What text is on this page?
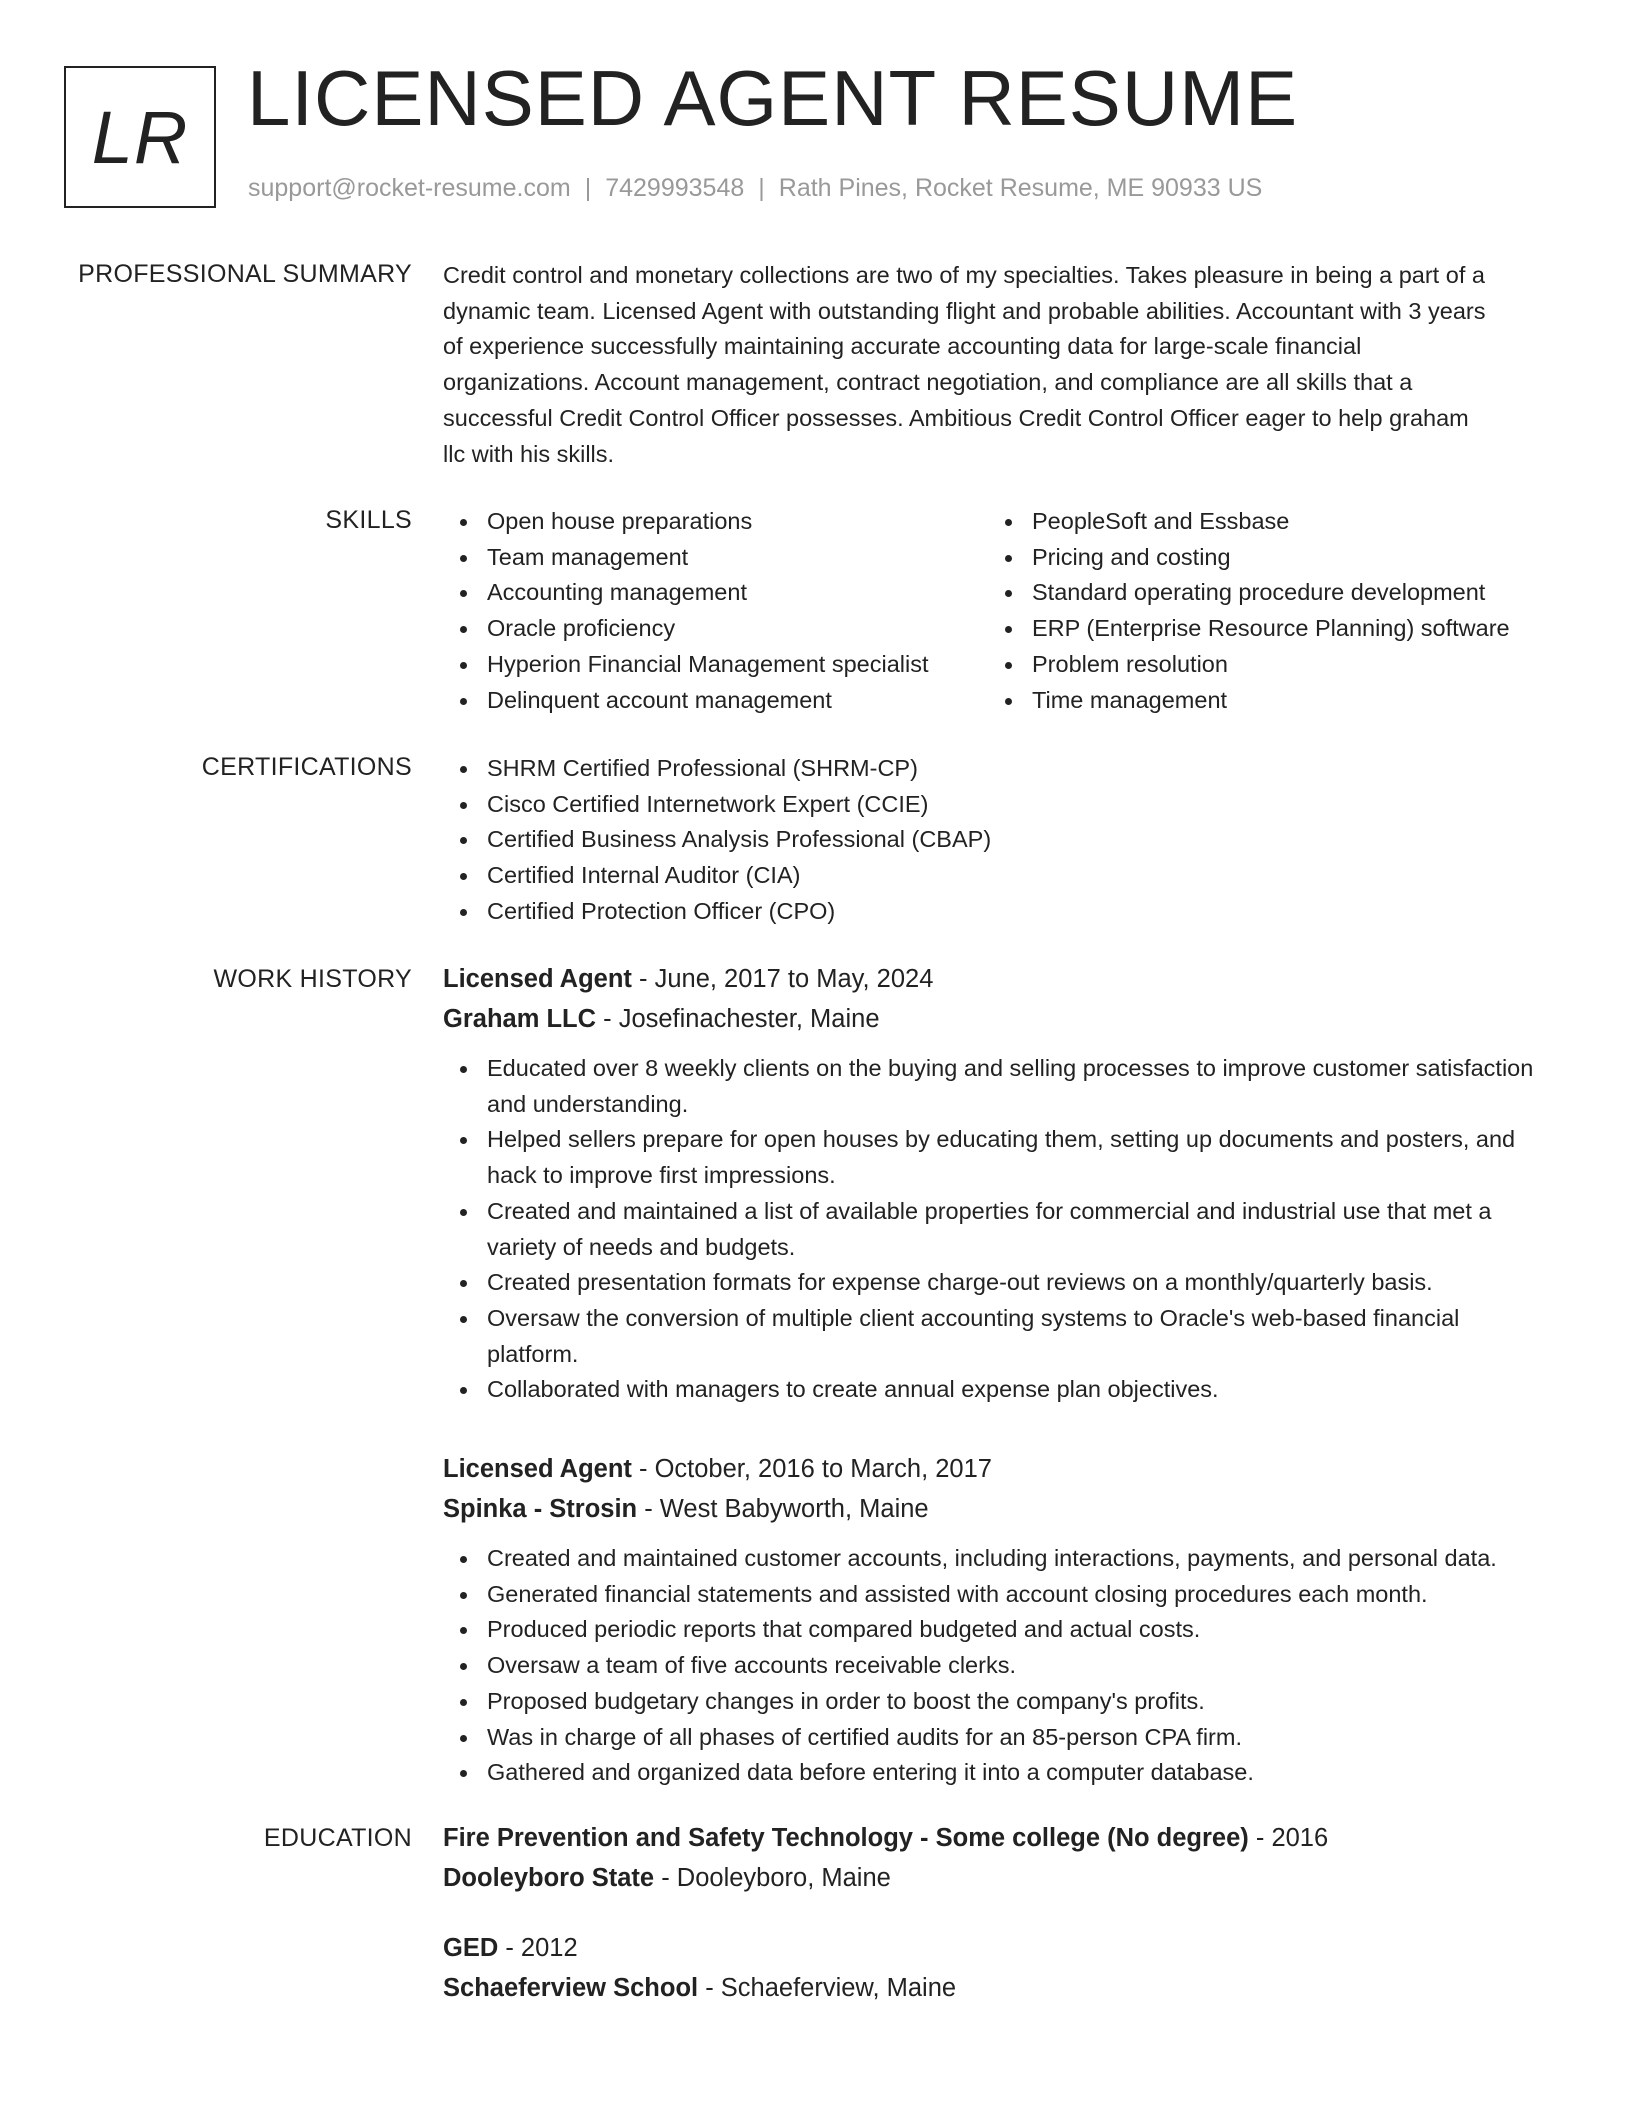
LR LICENSED AGENT RESUME
support@rocket-resume.com | 7429993548 | Rath Pines, Rocket Resume, ME 90933 US
PROFESSIONAL SUMMARY Credit control and monetary collections are two of my specialties. Takes pleasure in being a part of a
dynamic team. Licensed Agent with outstanding flight and probable abilities. Accountant with 3 years
of experience successfully maintaining accurate accounting data for large-scale financial
organizations. Account management, contract negotiation, and compliance are all skills that a
successful Credit Control Officer possesses. Ambitious Credit Control Officer eager to help graham
llc with his skills.
SKILLS	Open house preparations
Team management
Accounting management
Oracle proficiency
Hyperion Financial Management specialist
Delinquent account management
PeopleSoft and Essbase
Pricing and costing
Standard operating procedure development
ERP (Enterprise Resource Planning) software
Problem resolution
Time management
CERTIFICATIONS	SHRM Certified Professional (SHRM-CP)
Cisco Certified Internetwork Expert (CCIE)
Certified Business Analysis Professional (CBAP)
Certified Internal Auditor (CIA)
Certified Protection Officer (CPO)
WORK HISTORY Licensed Agent - June, 2017 to May, 2024
Graham LLC - Josefinachester, Maine
Educated over 8 weekly clients on the buying and selling processes to improve customer satisfaction and understanding.
Helped sellers prepare for open houses by educating them, setting up documents and posters, and hack to improve first impressions.
Created and maintained a list of available properties for commercial and industrial use that met a variety of needs and budgets.
Created presentation formats for expense charge-out reviews on a monthly/quarterly basis.
Oversaw the conversion of multiple client accounting systems to Oracle's web-based financial platform.
Collaborated with managers to create annual expense plan objectives.
Licensed Agent - October, 2016 to March, 2017
Spinka - Strosin - West Babyworth, Maine
Created and maintained customer accounts, including interactions, payments, and personal data.
Generated financial statements and assisted with account closing procedures each month.
Produced periodic reports that compared budgeted and actual costs.
Oversaw a team of five accounts receivable clerks.
Proposed budgetary changes in order to boost the company's profits.
Was in charge of all phases of certified audits for an 85-person CPA firm.
Gathered and organized data before entering it into a computer database.
EDUCATION Fire Prevention and Safety Technology - Some college (No degree) - 2016
Dooleyboro State - Dooleyboro, Maine
GED - 2012
Schaeferview School - Schaeferview, Maine
